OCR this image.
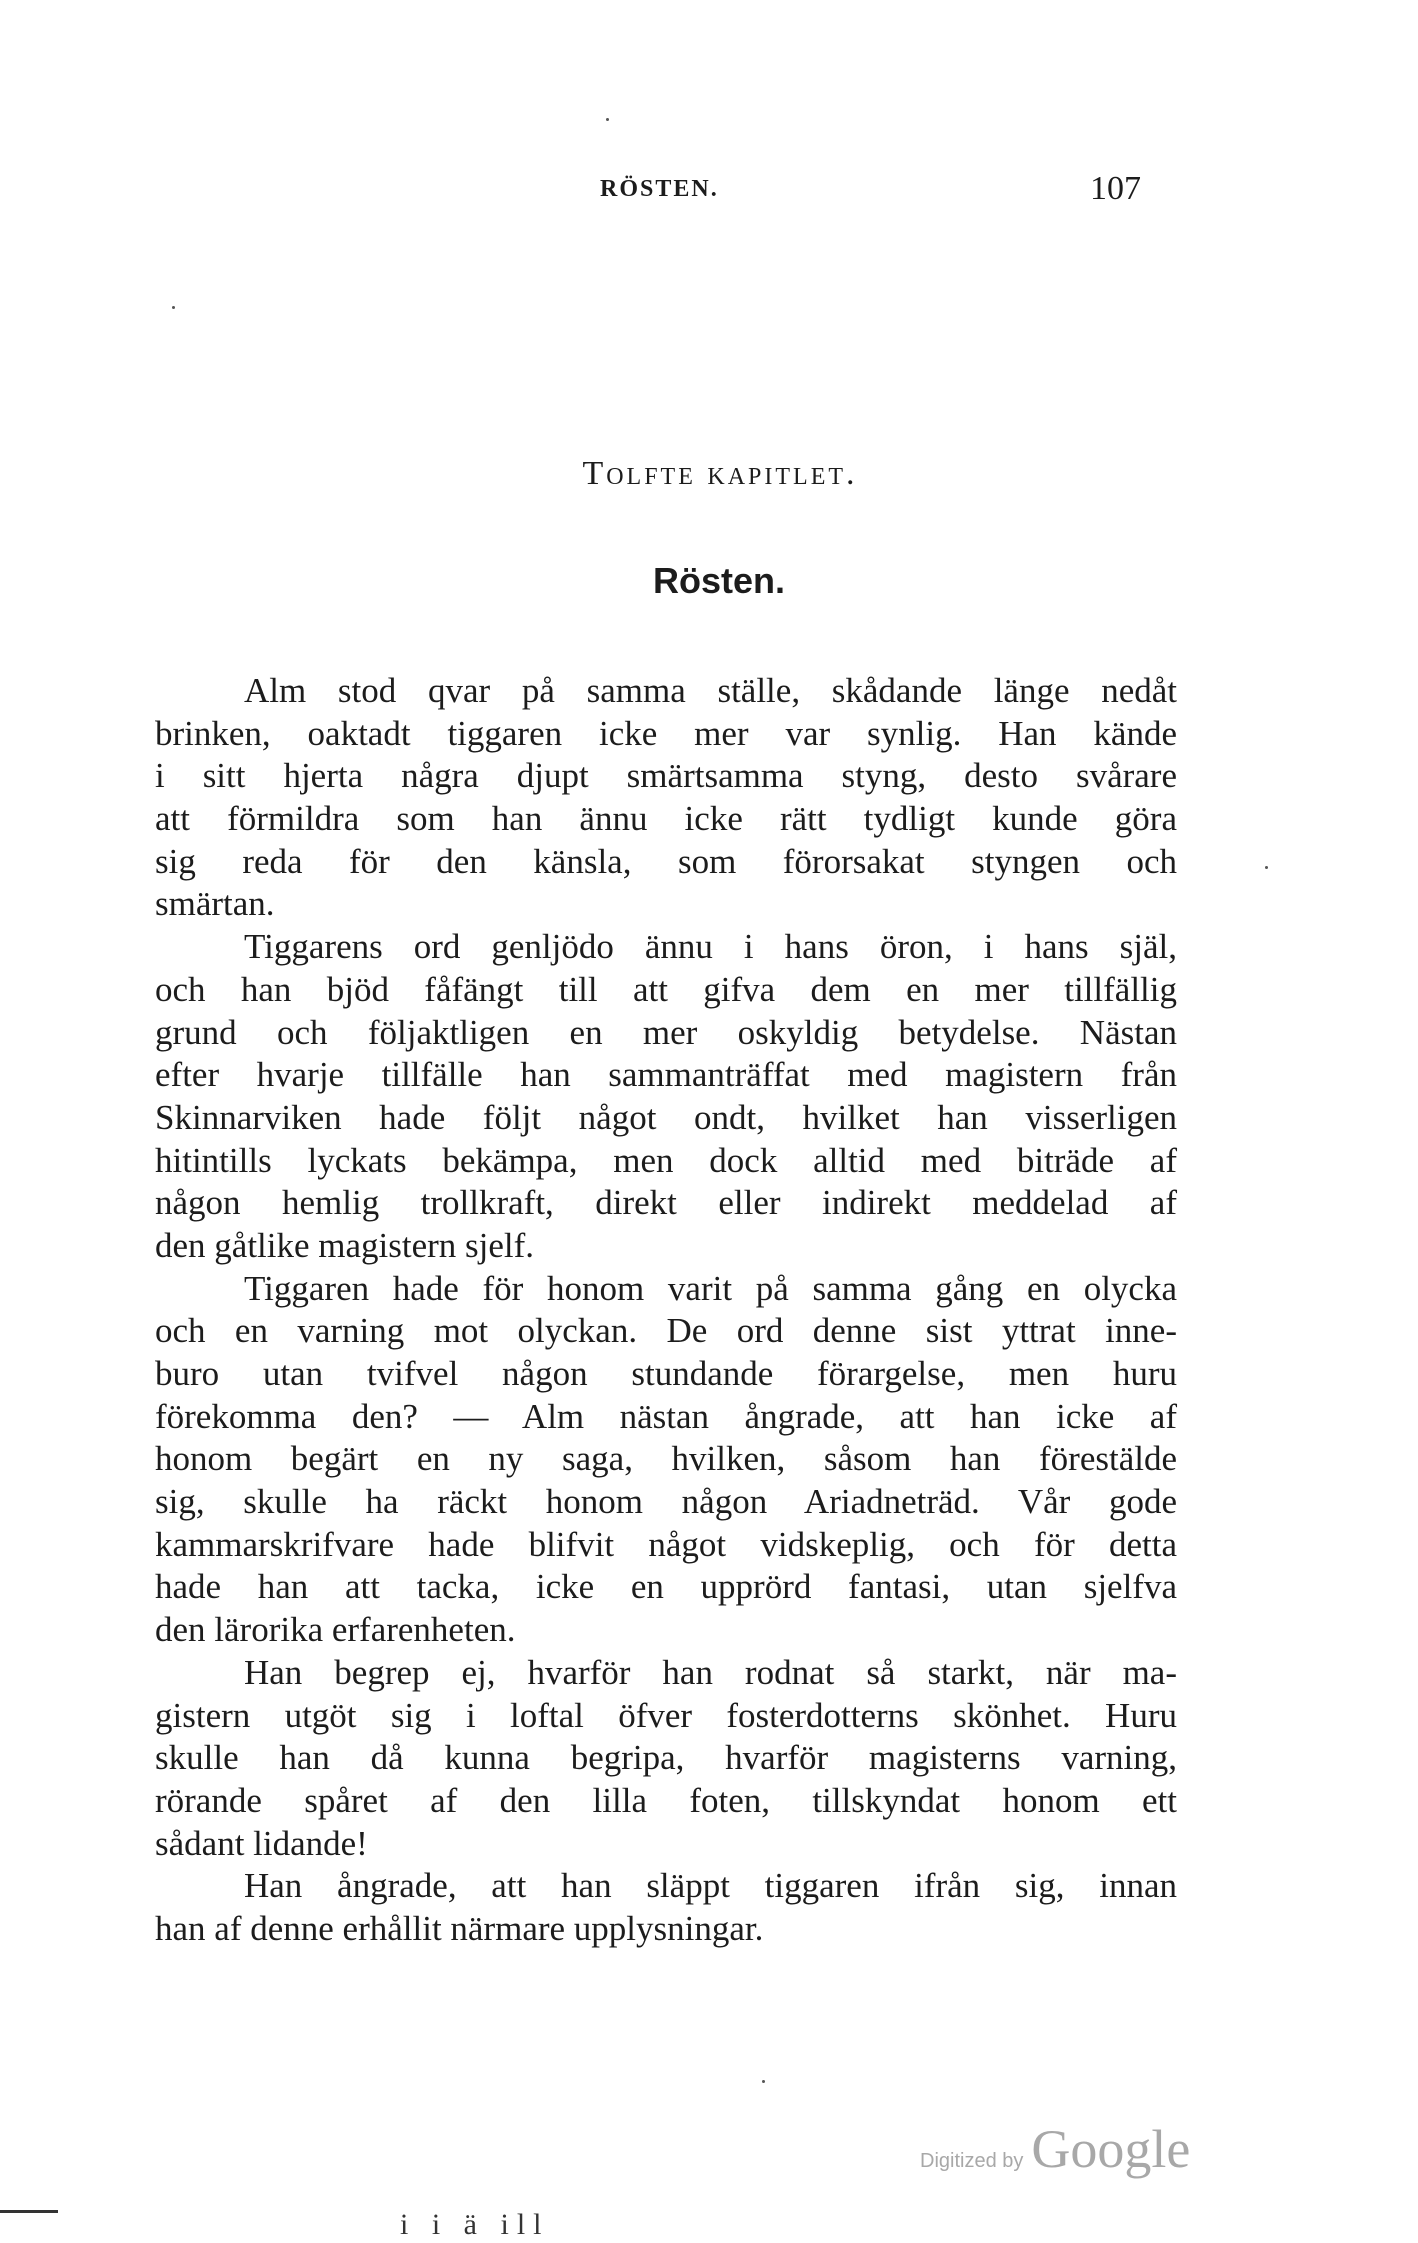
RÖSTEN.	107
Tolfte kapitlet.
Rösten.
Alm stod qvar på samma ställe, skådande länge nedåt
brinken, oaktadt tiggaren icke mer var synlig. Han kände
i sitt hjerta några djupt smärtsamma styng, desto svårare
att förmildra som han ännu icke rätt tydligt kunde göra
sig reda för den känsla, som förorsakat styngen och
smärtan.
Tiggarens ord genljödo ännu i hans öron, i hans själ,
och han bjöd fåfängt till att gifva dem en mer tillfällig
grund och följaktligen en mer oskyldig betydelse. Nästan
efter hvarje tillfälle han sammanträffat med magistern från
Skinnarviken hade följt något ondt, hvilket han visserligen
hitintills lyckats bekämpa, men dock alltid med biträde af
någon hemlig trollkraft, direkt eller indirekt meddelad af
den gåtlike magistern sjelf.
Tiggaren hade för honom varit på samma gång en olycka
och en varning mot olyckan. De ord denne sist yttrat inne-
buro utan tvifvel någon stundande förargelse, men huru
förekomma den? — Alm nästan ångrade, att han icke af
honom begärt en ny saga, hvilken, såsom han förestälde
sig, skulle ha räckt honom någon Ariadneträd. Vår gode
kammarskrifvare hade blifvit något vidskeplig, och för detta
hade han att tacka, icke en upprörd fantasi, utan sjelfva
den lärorika erfarenheten.
Han begrep ej, hvarför han rodnat så starkt, när ma-
gistern utgöt sig i loftal öfver fosterdotterns skönhet. Huru
skulle han då kunna begripa, hvarför magisterns varning,
rörande spåret af den lilla foten, tillskyndat honom ett
sådant lidande!
Han ångrade, att han släppt tiggaren ifrån sig, innan
han af denne erhållit närmare upplysningar.
Digitized by Google
i i ä ill
